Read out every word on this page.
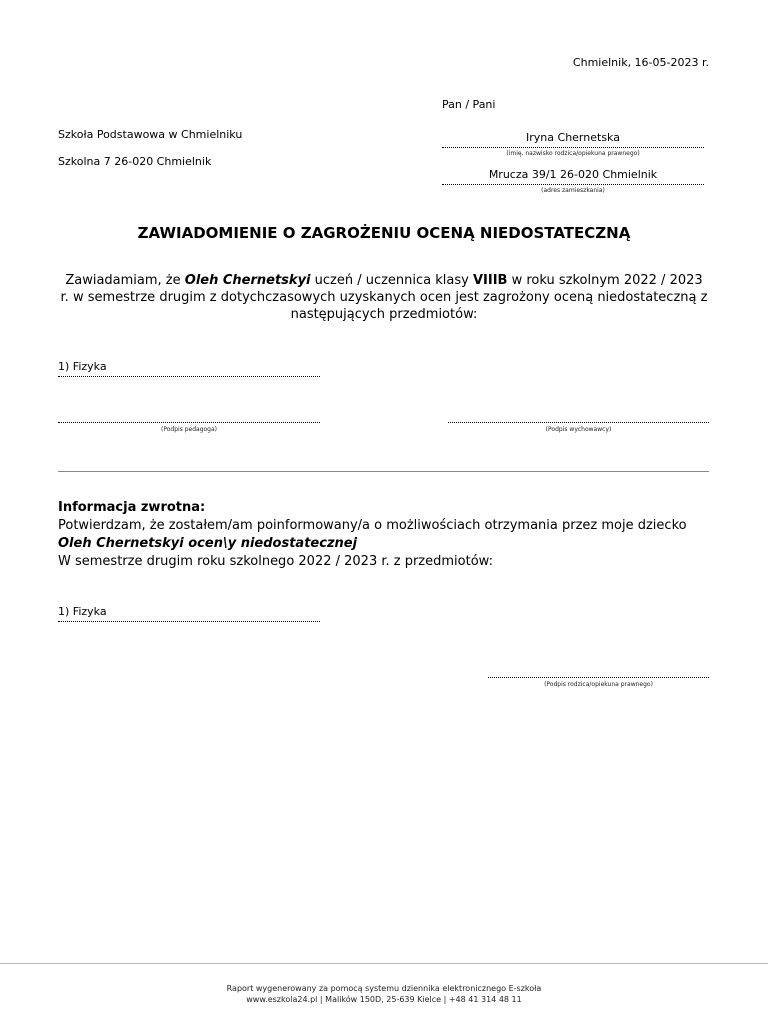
Chmielnik, 16-05-2023 r.
Pan / Pani
Szkoła Podstawowa w Chmielniku
Szkolna 7 26-020 Chmielnik
Iryna Chernetska
(imię, nazwisko rodzica/opiekuna prawnego)
Mrucza 39/1 26-020 Chmielnik
(adres zamieszkania)
ZAWIADOMIENIE O ZAGROŻENIU OCENĄ NIEDOSTATECZNĄ
Zawiadamiam, że Oleh Chernetskyi uczeń / uczennica klasy VIIIB w roku szkolnym 2022 / 2023 r. w semestrze drugim z dotychczasowych uzyskanych ocen jest zagrożony oceną niedostateczną z następujących przedmiotów:
1) Fizyka
(Podpis pedagoga)	(Podpis wychowawcy)
Informacja zwrotna:
Potwierdzam, że zostałem/am poinformowany/a o możliwościach otrzymania przez moje dziecko Oleh Chernetskyi ocen\y niedostatecznej
W semestrze drugim roku szkolnego 2022 / 2023 r. z przedmiotów:
1) Fizyka
(Podpis rodzica/opiekuna prawnego)
Raport wygenerowany za pomocą systemu dziennika elektronicznego E-szkoła
www.eszkola24.pl | Malików 150D, 25-639 Kielce | +48 41 314 48 11
